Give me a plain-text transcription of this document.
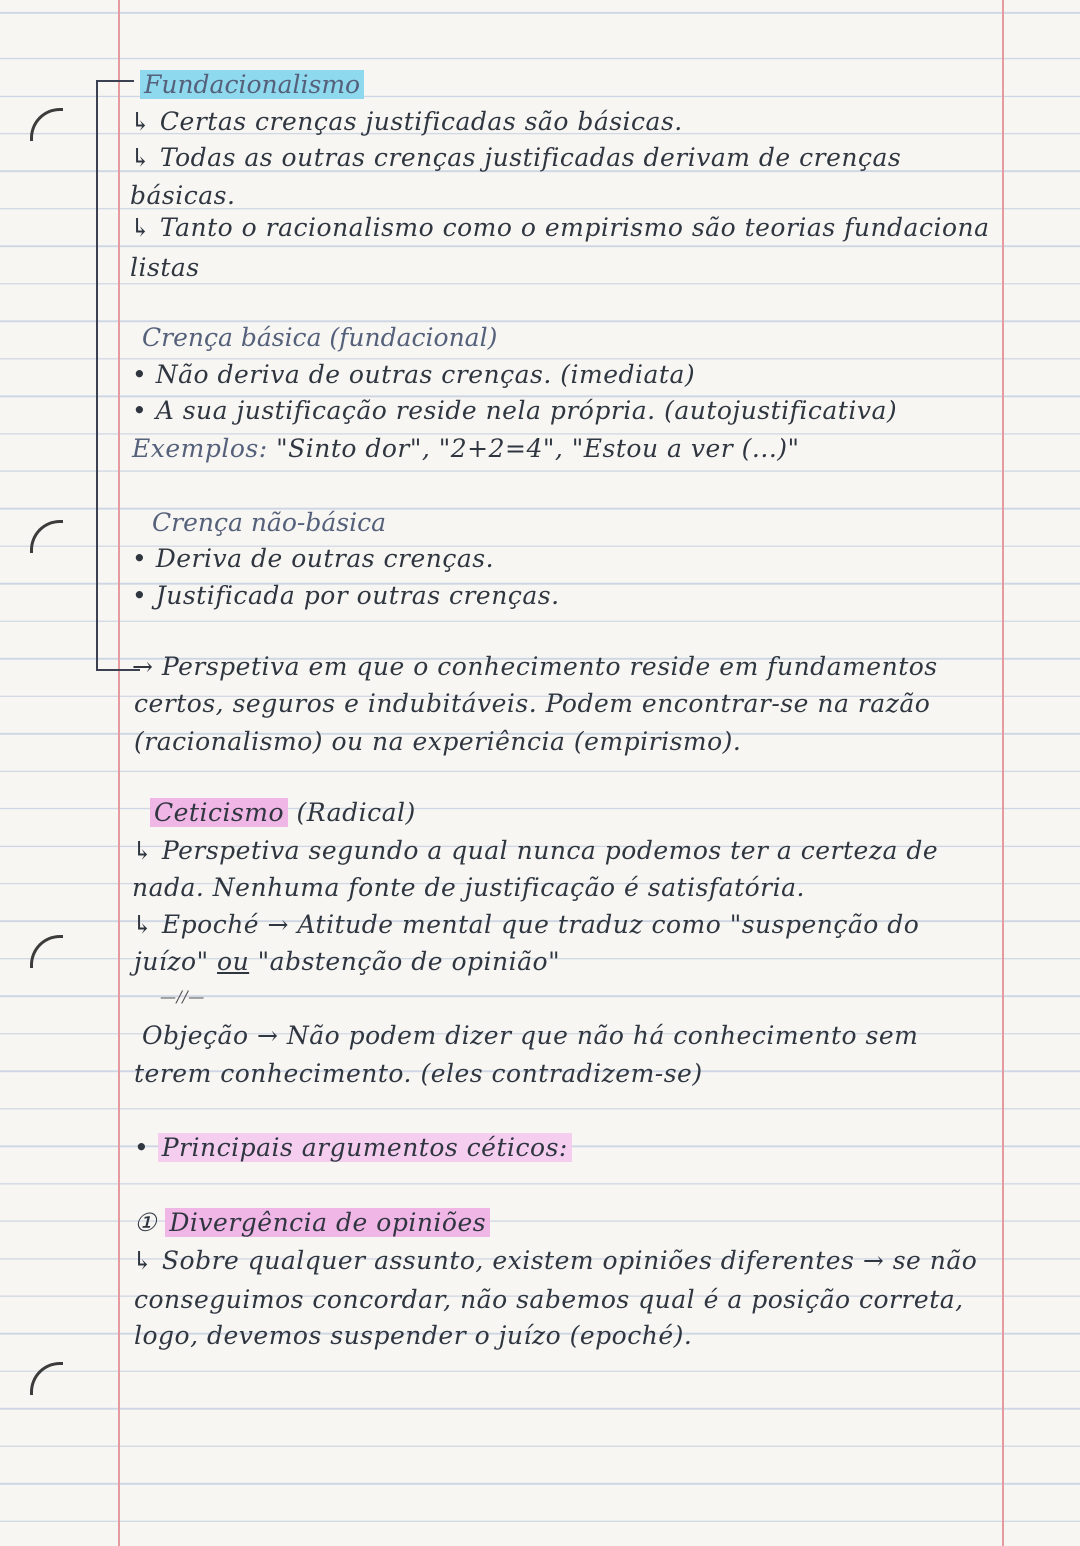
Fundacionalismo
↳ Certas crenças justificadas são básicas.
↳ Todas as outras crenças justificadas derivam de crenças
básicas.
↳ Tanto o racionalismo como o empirismo são teorias fundaciona
listas
Crença básica (fundacional)
• Não deriva de outras crenças. (imediata)
• A sua justificação reside nela própria. (autojustificativa)
Exemplos: "Sinto dor", "2+2=4", "Estou a ver (...)"
Crença não-básica
• Deriva de outras crenças.
• Justificada por outras crenças.
→ Perspetiva em que o conhecimento reside em fundamentos
certos, seguros e indubitáveis. Podem encontrar-se na razão
(racionalismo) ou na experiência (empirismo).
Ceticismo (Radical)
↳ Perspetiva segundo a qual nunca podemos ter a certeza de
nada. Nenhuma fonte de justificação é satisfatória.
↳ Epoché → Atitude mental que traduz como "suspenção do
juízo" ou "abstenção de opinião"
—//—
Objeção → Não podem dizer que não há conhecimento sem
terem conhecimento. (eles contradizem-se)
• Principais argumentos céticos:
① Divergência de opiniões
↳ Sobre qualquer assunto, existem opiniões diferentes → se não
conseguimos concordar, não sabemos qual é a posição correta,
logo, devemos suspender o juízo (epoché).
